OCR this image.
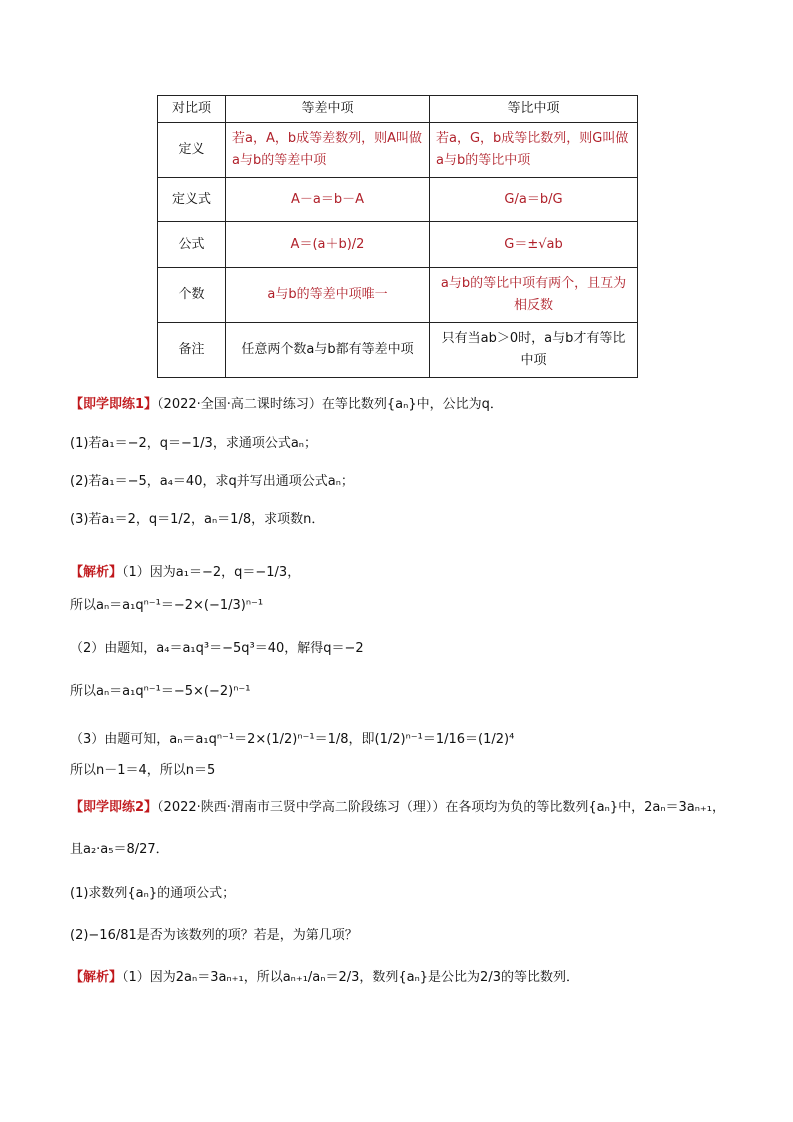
对比项	等差中项	等比中项
定义	若a，A，b成等差数列，则A叫做a与b的等差中项	若a，G，b成等比数列，则G叫做a与b的等比中项
定义式	A－a＝b－A	G/a＝b/G
公式	A＝(a＋b)/2	G＝±√ab
个数	a与b的等差中项唯一	a与b的等比中项有两个，且互为相反数
备注	任意两个数a与b都有等差中项	只有当ab＞0时，a与b才有等比中项
【即学即练1】（2022·全国·高二课时练习）在等比数列{aₙ}中，公比为q．
(1)若a₁＝−2，q＝−1/3，求通项公式aₙ；
(2)若a₁＝−5，a₄＝40，求q并写出通项公式aₙ；
(3)若a₁＝2，q＝1/2，aₙ＝1/8，求项数n．
【解析】（1）因为a₁＝−2，q＝−1/3，
所以aₙ＝a₁qⁿ⁻¹＝−2×(−1/3)ⁿ⁻¹
（2）由题知，a₄＝a₁q³＝−5q³＝40，解得q＝−2
所以aₙ＝a₁qⁿ⁻¹＝−5×(−2)ⁿ⁻¹
（3）由题可知，aₙ＝a₁qⁿ⁻¹＝2×(1/2)ⁿ⁻¹＝1/8，即(1/2)ⁿ⁻¹＝1/16＝(1/2)⁴
所以n－1＝4，所以n＝5
【即学即练2】（2022·陕西·渭南市三贤中学高二阶段练习（理））在各项均为负的等比数列{aₙ}中，2aₙ＝3aₙ₊₁，
且a₂·a₅＝8/27．
(1)求数列{aₙ}的通项公式；
(2)−16/81是否为该数列的项？若是，为第几项？
【解析】（1）因为2aₙ＝3aₙ₊₁，所以aₙ₊₁/aₙ＝2/3，数列{aₙ}是公比为2/3的等比数列．
